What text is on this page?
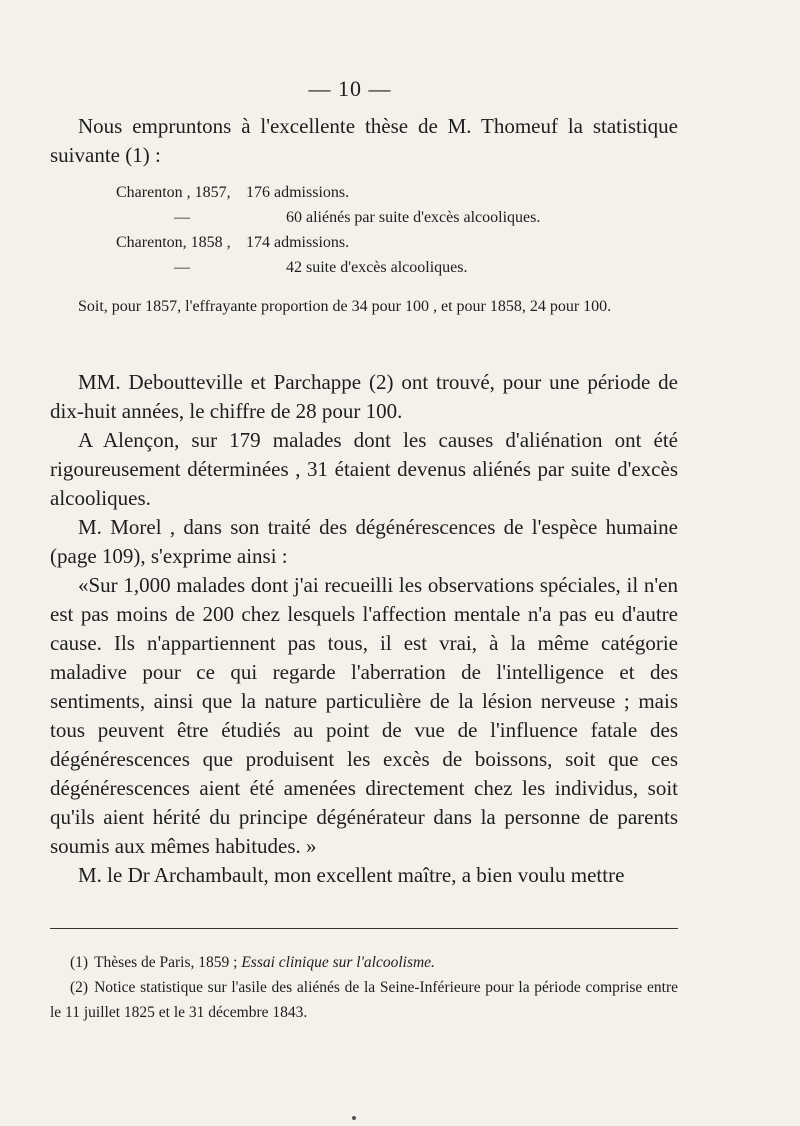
— 10 —

Nous empruntons à l'excellente thèse de M. Thomeuf la statistique suivante (1) :

Charenton , 1857, 176 admissions.
—	60 aliénés par suite d'excès alcooliques.
Charenton, 1858 , 174 admissions.
—	42 suite d'excès alcooliques.

Soit, pour 1857, l'effrayante proportion de 34 pour 100 , et pour 1858, 24 pour 100.

MM. Deboutteville et Parchappe (2) ont trouvé, pour une période de dix-huit années, le chiffre de 28 pour 100.

A Alençon, sur 179 malades dont les causes d'aliénation ont été rigoureusement déterminées , 31 étaient devenus aliénés par suite d'excès alcooliques.

M. Morel , dans son traité des dégénérescences de l'espèce humaine (page 109), s'exprime ainsi :

«Sur 1,000 malades dont j'ai recueilli les observations spéciales, il n'en est pas moins de 200 chez lesquels l'affection mentale n'a pas eu d'autre cause. Ils n'appartiennent pas tous, il est vrai, à la même catégorie maladive pour ce qui regarde l'aberration de l'intelligence et des sentiments, ainsi que la nature particulière de la lésion nerveuse ; mais tous peuvent être étudiés au point de vue de l'influence fatale des dégénérescences que produisent les excès de boissons, soit que ces dégénérescences aient été amenées directement chez les individus, soit qu'ils aient hérité du principe dégénérateur dans la personne de parents soumis aux mêmes habitudes. »

M. le Dr Archambault, mon excellent maître, a bien voulu mettre

(1) Thèses de Paris, 1859 ; Essai clinique sur l'alcoolisme.

(2) Notice statistique sur l'asile des aliénés de la Seine-Inférieure pour la période comprise entre le 11 juillet 1825 et le 31 décembre 1843.
